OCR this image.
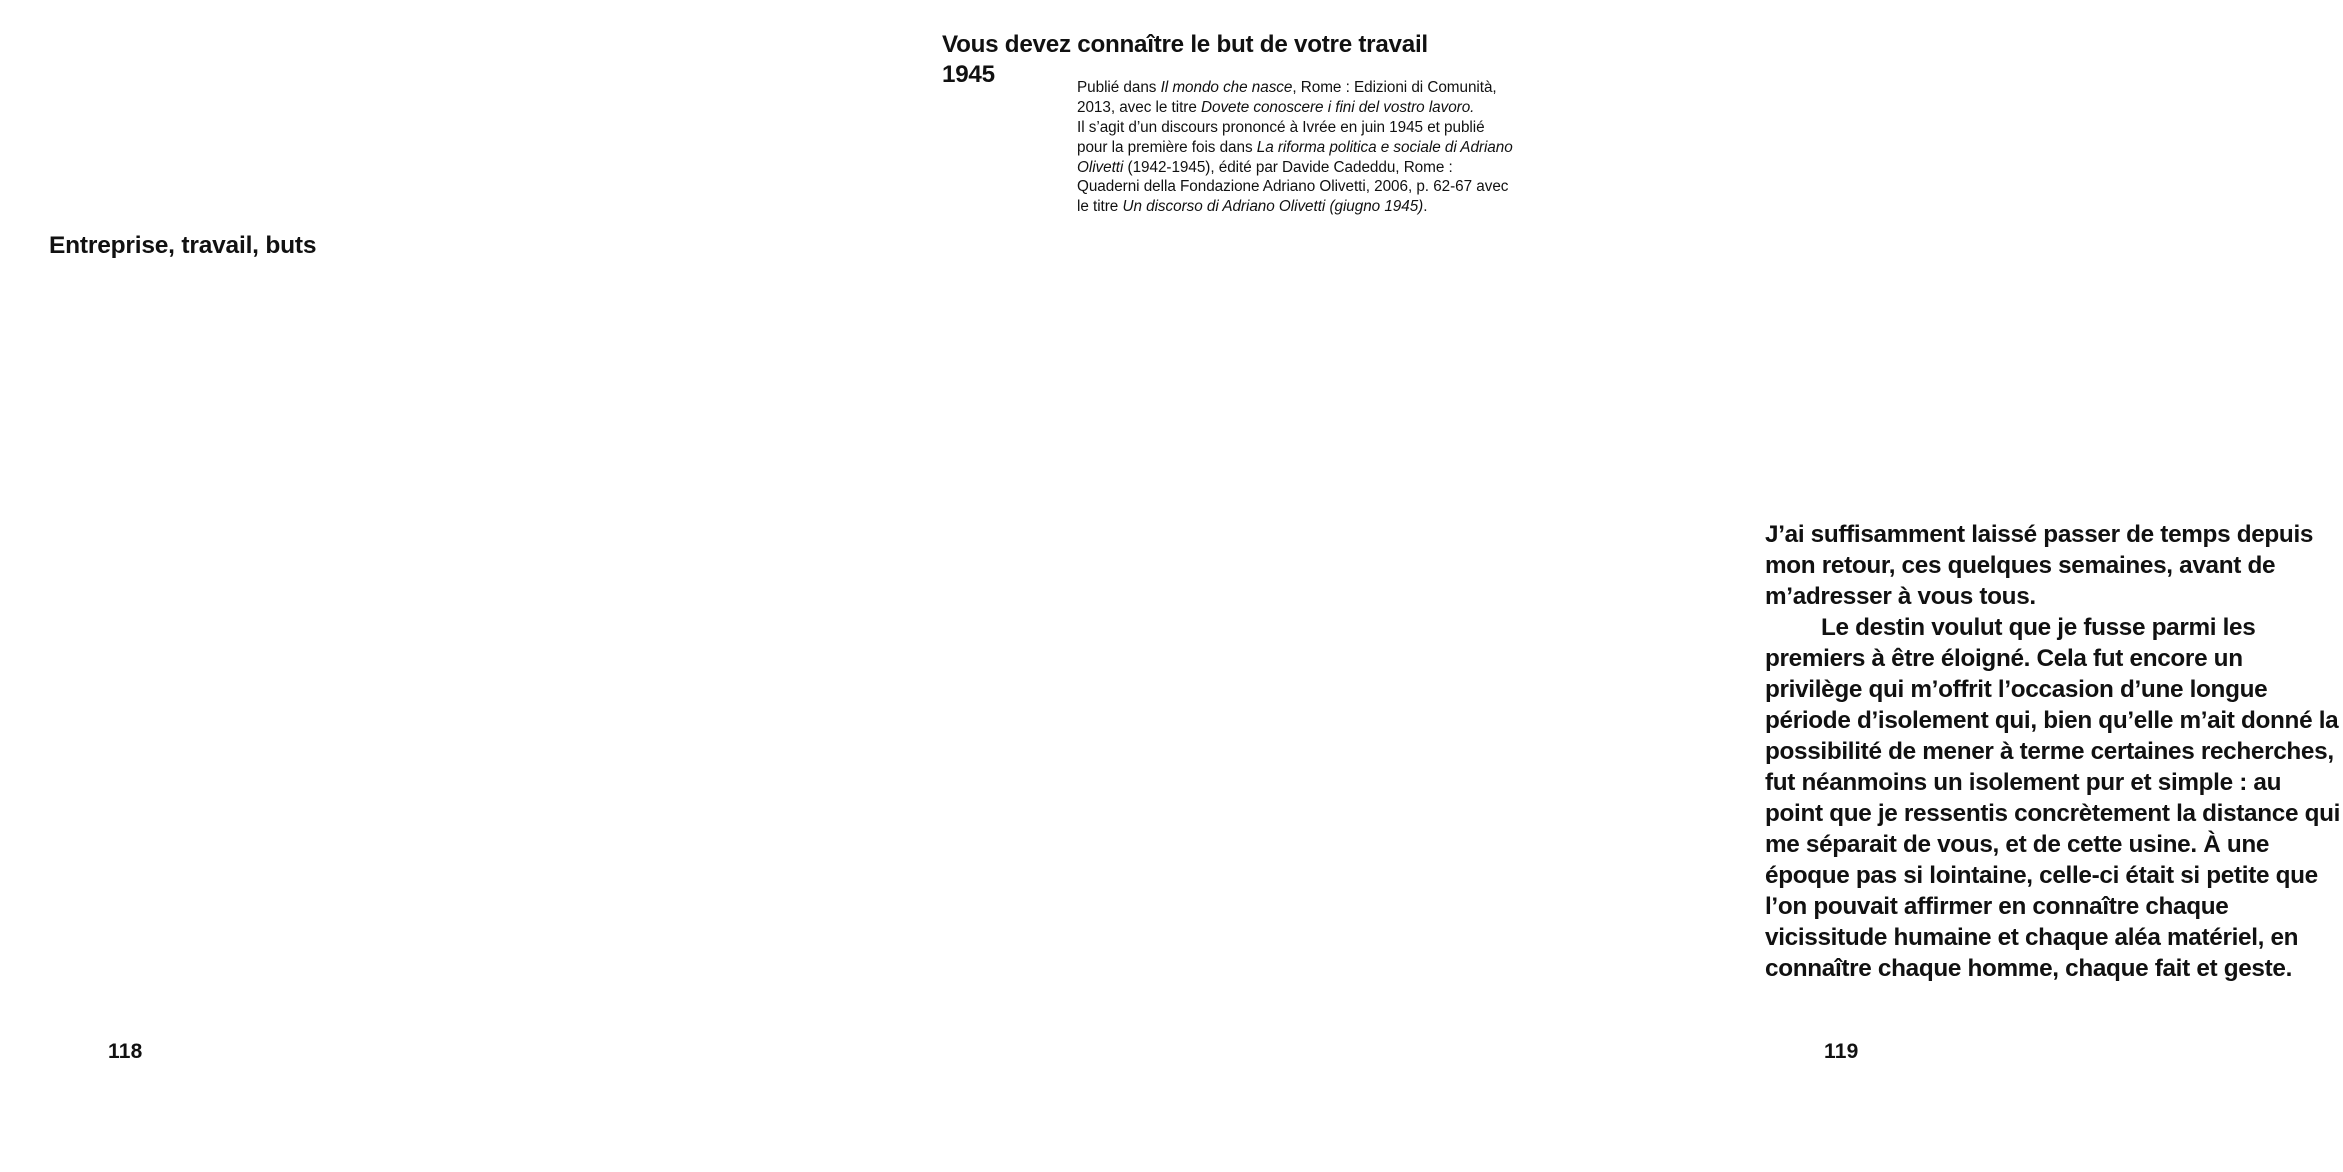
Entreprise, travail, buts
118
Vous devez connaître le but de votre travail
1945	Publié dans Il mondo che nasce, Rome : Edizioni di Comunità, 2013, avec le titre Dovete conoscere i fini del vostro lavoro.
Il s’agit d’un discours prononcé à Ivrée en juin 1945 et publié pour la première fois dans La riforma politica e sociale di Adriano Olivetti (1942-1945), édité par Davide Cadeddu, Rome : Quaderni della Fondazione Adriano Olivetti, 2006, p. 62-67 avec le titre Un discorso di Adriano Olivetti (giugno 1945).

J’ai suffisamment laissé passer de temps depuis mon retour, ces quelques semaines, avant de m’adresser à vous tous.

Le destin voulut que je fusse parmi les premiers à être éloigné. Cela fut encore un privilège qui m’offrit l’occasion d’une longue période d’isolement qui, bien qu’elle m’ait donné la possibilité de mener à terme certaines recherches, fut néanmoins un isolement pur et simple : au point que je ressentis concrètement la distance qui me séparait de vous, et de cette usine. À une époque pas si lointaine, celle-ci était si petite que l’on pouvait affirmer en connaître chaque vicissitude humaine et chaque aléa matériel, en connaître chaque homme, chaque fait et geste.

119
